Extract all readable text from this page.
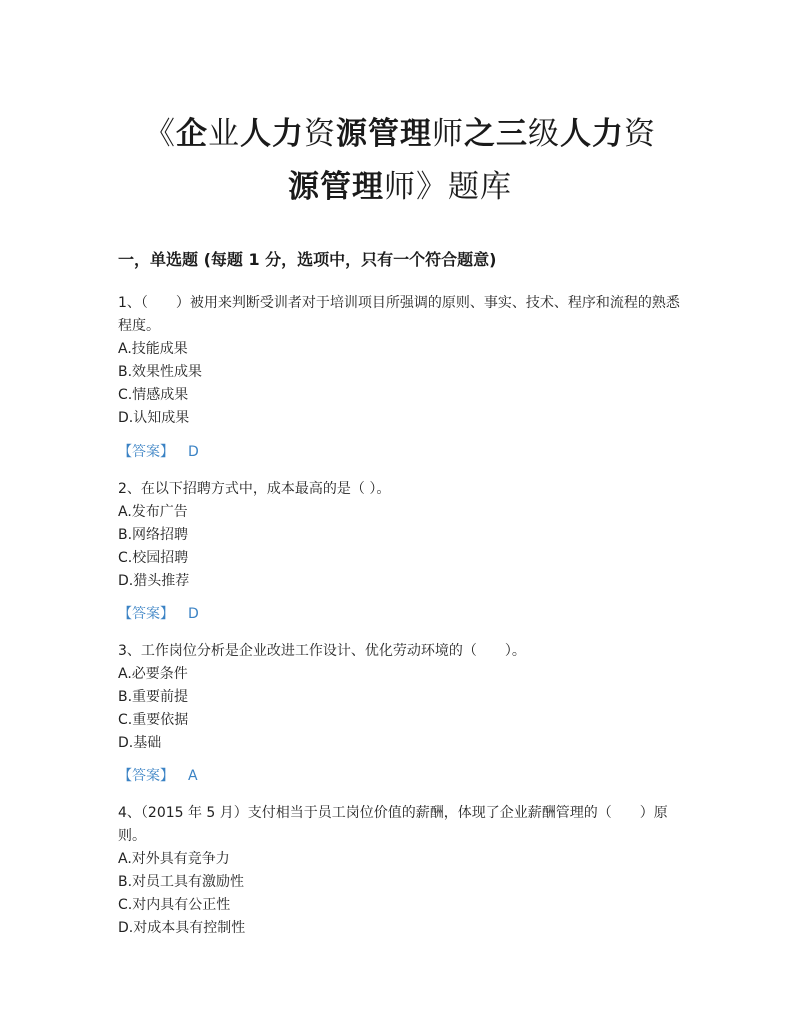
《企业人力资源管理师之三级人力资
源管理师》题库
一，单选题 (每题 1 分，选项中，只有一个符合题意)
1、（　　）被用来判断受训者对于培训项目所强调的原则、事实、技术、程序和流程的熟悉程度。
A.技能成果
B.效果性成果
C.情感成果
D.认知成果
【答案】 D
2、在以下招聘方式中，成本最高的是（ ）。
A.发布广告
B.网络招聘
C.校园招聘
D.猎头推荐
【答案】 D
3、工作岗位分析是企业改进工作设计、优化劳动环境的（　　）。
A.必要条件
B.重要前提
C.重要依据
D.基础
【答案】 A
4、（2015 年 5 月）支付相当于员工岗位价值的薪酬，体现了企业薪酬管理的（　　）原则。
A.对外具有竞争力
B.对员工具有激励性
C.对内具有公正性
D.对成本具有控制性
